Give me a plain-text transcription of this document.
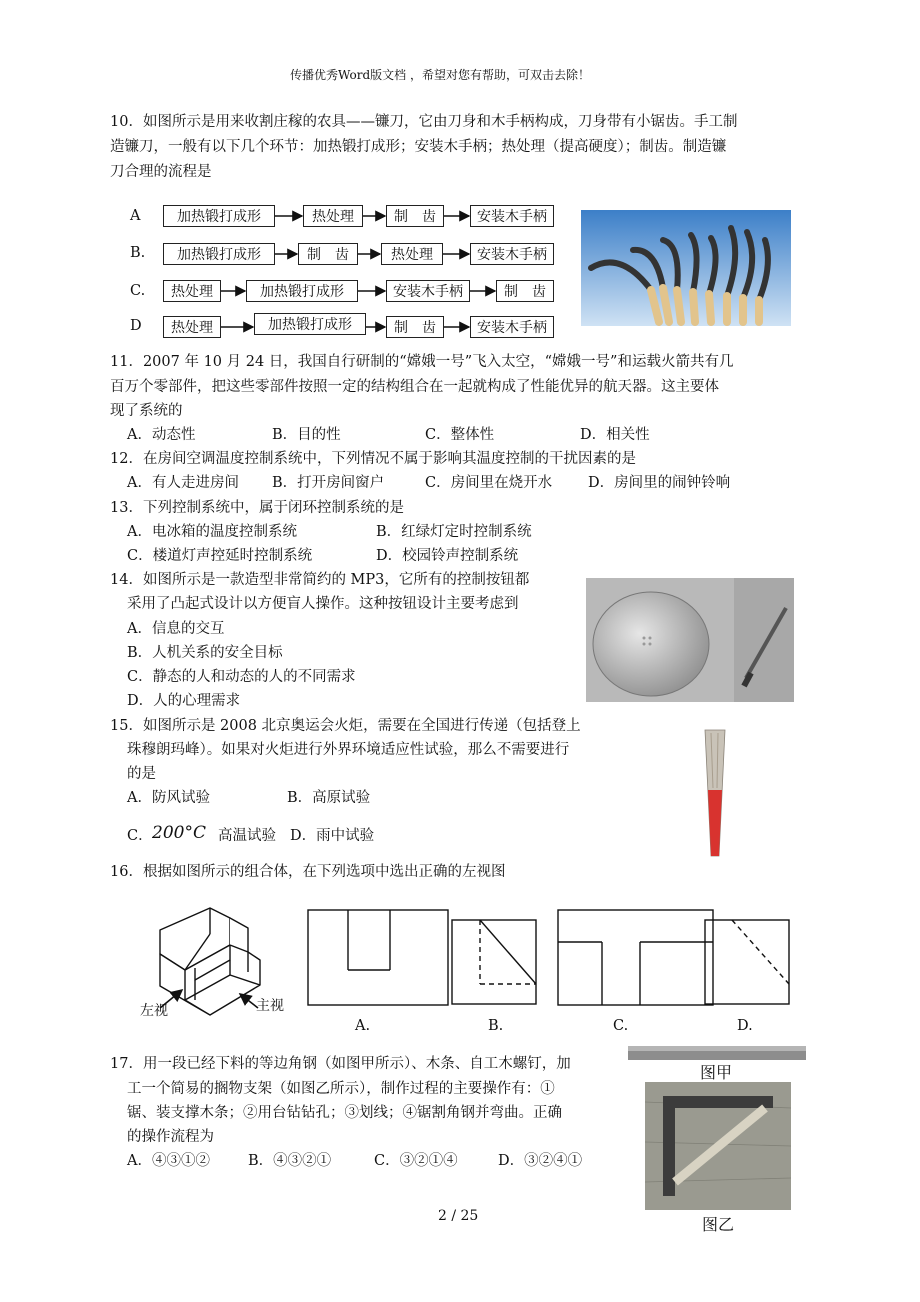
传播优秀Word版文档 ，希望对您有帮助，可双击去除！
10．如图所示是用来收割庄稼的农具——镰刀，它由刀身和木手柄构成，刀身带有小锯齿。手工制
造镰刀，一般有以下几个环节：加热锻打成形；安装木手柄；热处理（提高硬度）；制齿。制造镰
刀合理的流程是
A	加热锻打成形	热处理	制　齿	安装木手柄
B.	加热锻打成形	制　齿	热处理	安装木手柄
C.	热处理	加热锻打成形	安装木手柄	制　齿
D	热处理	加热锻打成形	制　齿	安装木手柄
11．2007 年 10 月 24 日，我国自行研制的“嫦娥一号”飞入太空，“嫦娥一号”和运载火箭共有几
百万个零部件，把这些零部件按照一定的结构组合在一起就构成了性能优异的航天器。这主要体
现了系统的
A．动态性	B．目的性	C．整体性	D．相关性
12．在房间空调温度控制系统中，下列情况不属于影响其温度控制的干扰因素的是
A．有人走进房间 B．打开房间窗户	C．房间里在烧开水 D．房间里的闹钟铃响
13．下列控制系统中，属于闭环控制系统的是
A．电冰箱的温度控制系统	B．红绿灯定时控制系统
C．楼道灯声控延时控制系统	D．校园铃声控制系统
14．如图所示是一款造型非常简约的 MP3，它所有的控制按钮都
采用了凸起式设计以方便盲人操作。这种按钮设计主要考虑到
A．信息的交互
B．人机关系的安全目标
C．静态的人和动态的人的不同需求
D．人的心理需求
15．如图所示是 2008 北京奥运会火炬，需要在全国进行传递（包括登上
珠穆朗玛峰）。如果对火炬进行外界环境适应性试验，那么不需要进行
的是
A．防风试验	B．高原试验
C． 200°C 高温试验 D．雨中试验
16．根据如图所示的组合体，在下列选项中选出正确的左视图
左视	主视
A.	B.	C.	D.
17．用一段已经下料的等边角钢（如图甲所示）、木条、自工木螺钉，加
工一个简易的搁物支架（如图乙所示），制作过程的主要操作有：①
锯、装支撑木条；②用台钻钻孔；③划线；④锯割角钢并弯曲。正确
的操作流程为
A．④③①②	B．④③②①	C．③②①④	D．③②④①
图甲
图乙
2 / 25
